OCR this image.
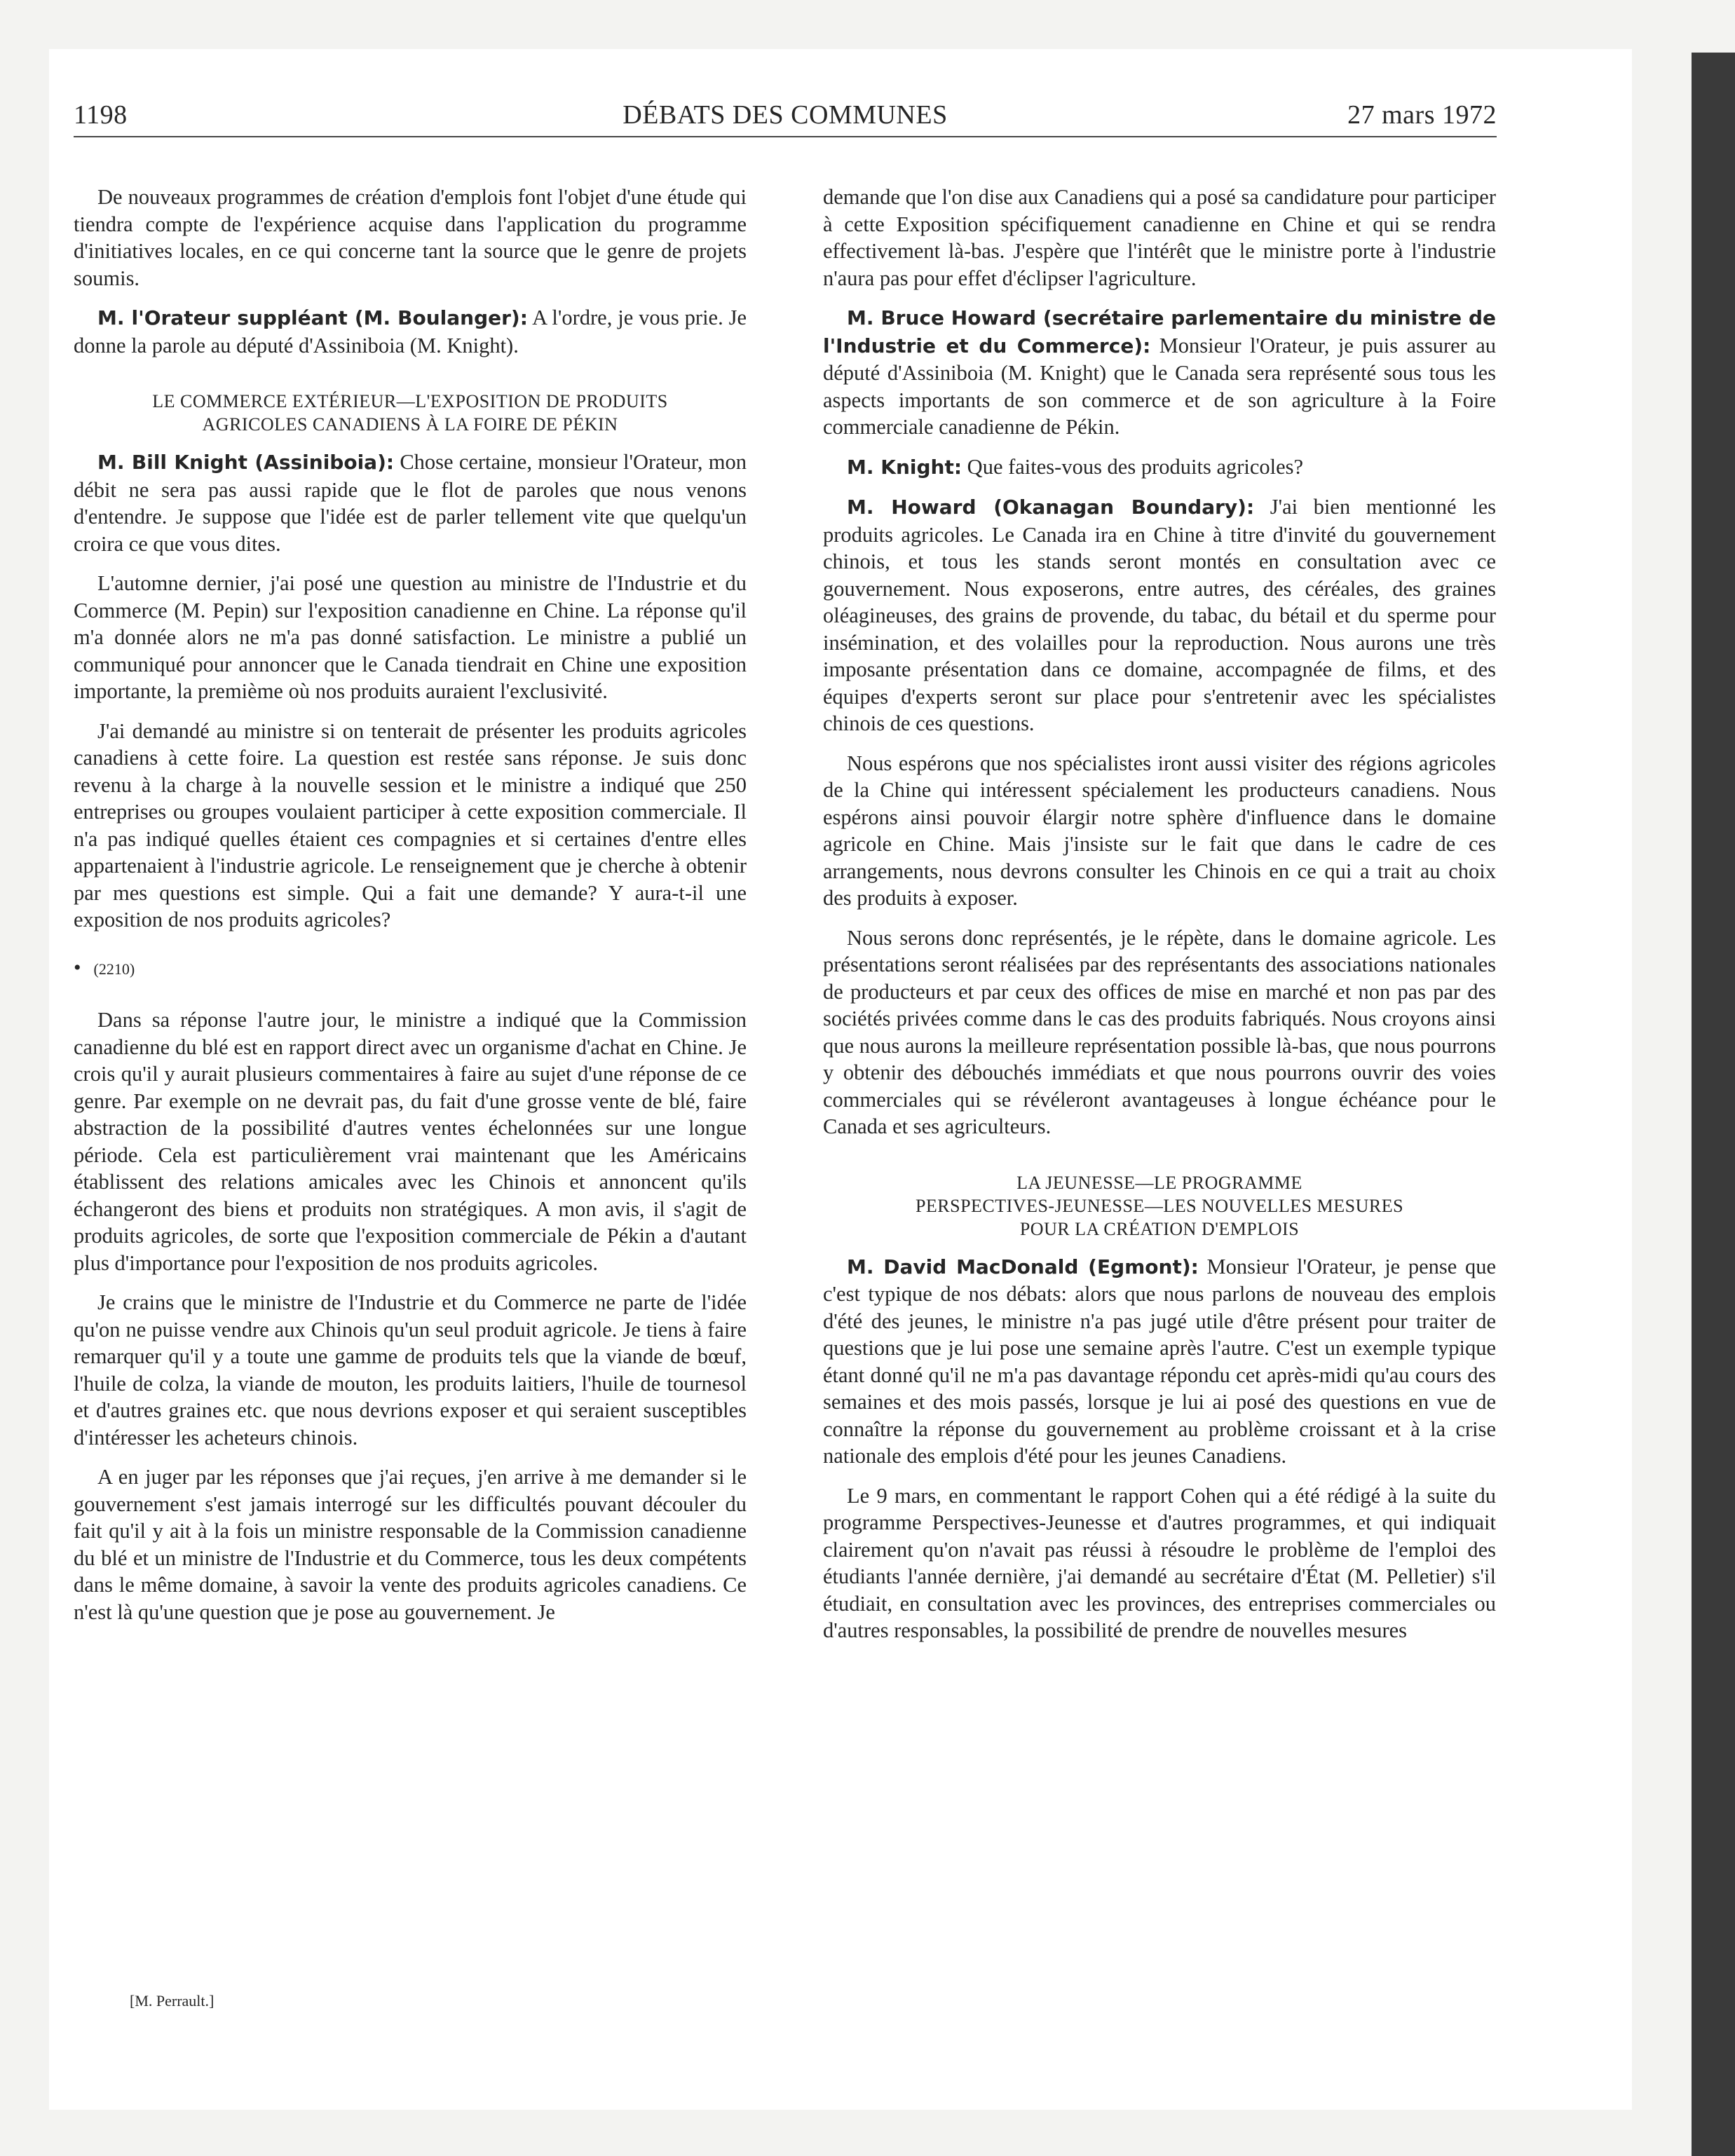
1198	DÉBATS DES COMMUNES	27 mars 1972

De nouveaux programmes de création d'emplois font l'objet d'une étude qui tiendra compte de l'expérience acquise dans l'application du programme d'initiatives locales, en ce qui concerne tant la source que le genre de projets soumis.

M. l'Orateur suppléant (M. Boulanger): A l'ordre, je vous prie. Je donne la parole au député d'Assiniboia (M. Knight).

LE COMMERCE EXTÉRIEUR—L'EXPOSITION DE PRODUITS
AGRICOLES CANADIENS À LA FOIRE DE PÉKIN

M. Bill Knight (Assiniboia): Chose certaine, monsieur l'Orateur, mon débit ne sera pas aussi rapide que le flot de paroles que nous venons d'entendre. Je suppose que l'idée est de parler tellement vite que quelqu'un croira ce que vous dites.

L'automne dernier, j'ai posé une question au ministre de l'Industrie et du Commerce (M. Pepin) sur l'exposition canadienne en Chine. La réponse qu'il m'a donnée alors ne m'a pas donné satisfaction. Le ministre a publié un communiqué pour annoncer que le Canada tiendrait en Chine une exposition importante, la premième où nos produits auraient l'exclusivité.

J'ai demandé au ministre si on tenterait de présenter les produits agricoles canadiens à cette foire. La question est restée sans réponse. Je suis donc revenu à la charge à la nouvelle session et le ministre a indiqué que 250 entreprises ou groupes voulaient participer à cette exposition commerciale. Il n'a pas indiqué quelles étaient ces compagnies et si certaines d'entre elles appartenaient à l'industrie agricole. Le renseignement que je cherche à obtenir par mes questions est simple. Qui a fait une demande? Y aura-t-il une exposition de nos produits agricoles?

• (2210)

Dans sa réponse l'autre jour, le ministre a indiqué que la Commission canadienne du blé est en rapport direct avec un organisme d'achat en Chine. Je crois qu'il y aurait plusieurs commentaires à faire au sujet d'une réponse de ce genre. Par exemple on ne devrait pas, du fait d'une grosse vente de blé, faire abstraction de la possibilité d'autres ventes échelonnées sur une longue période. Cela est particulièrement vrai maintenant que les Américains établissent des relations amicales avec les Chinois et annoncent qu'ils échangeront des biens et produits non stratégiques. A mon avis, il s'agit de produits agricoles, de sorte que l'exposition commerciale de Pékin a d'autant plus d'importance pour l'exposition de nos produits agricoles.

Je crains que le ministre de l'Industrie et du Commerce ne parte de l'idée qu'on ne puisse vendre aux Chinois qu'un seul produit agricole. Je tiens à faire remarquer qu'il y a toute une gamme de produits tels que la viande de bœuf, l'huile de colza, la viande de mouton, les produits laitiers, l'huile de tournesol et d'autres graines etc. que nous devrions exposer et qui seraient susceptibles d'intéresser les acheteurs chinois.

A en juger par les réponses que j'ai reçues, j'en arrive à me demander si le gouvernement s'est jamais interrogé sur les difficultés pouvant découler du fait qu'il y ait à la fois un ministre responsable de la Commission canadienne du blé et un ministre de l'Industrie et du Commerce, tous les deux compétents dans le même domaine, à savoir la vente des produits agricoles canadiens. Ce n'est là qu'une question que je pose au gouvernement. Je

demande que l'on dise aux Canadiens qui a posé sa candidature pour participer à cette Exposition spécifiquement canadienne en Chine et qui se rendra effectivement là-bas. J'espère que l'intérêt que le ministre porte à l'industrie n'aura pas pour effet d'éclipser l'agriculture.

M. Bruce Howard (secrétaire parlementaire du ministre de l'Industrie et du Commerce): Monsieur l'Orateur, je puis assurer au député d'Assiniboia (M. Knight) que le Canada sera représenté sous tous les aspects importants de son commerce et de son agriculture à la Foire commerciale canadienne de Pékin.

M. Knight: Que faites-vous des produits agricoles?

M. Howard (Okanagan Boundary): J'ai bien mentionné les produits agricoles. Le Canada ira en Chine à titre d'invité du gouvernement chinois, et tous les stands seront montés en consultation avec ce gouvernement. Nous exposerons, entre autres, des céréales, des graines oléagineuses, des grains de provende, du tabac, du bétail et du sperme pour insémination, et des volailles pour la reproduction. Nous aurons une très imposante présentation dans ce domaine, accompagnée de films, et des équipes d'experts seront sur place pour s'entretenir avec les spécialistes chinois de ces questions.

Nous espérons que nos spécialistes iront aussi visiter des régions agricoles de la Chine qui intéressent spécialement les producteurs canadiens. Nous espérons ainsi pouvoir élargir notre sphère d'influence dans le domaine agricole en Chine. Mais j'insiste sur le fait que dans le cadre de ces arrangements, nous devrons consulter les Chinois en ce qui a trait au choix des produits à exposer.

Nous serons donc représentés, je le répète, dans le domaine agricole. Les présentations seront réalisées par des représentants des associations nationales de producteurs et par ceux des offices de mise en marché et non pas par des sociétés privées comme dans le cas des produits fabriqués. Nous croyons ainsi que nous aurons la meilleure représentation possible là-bas, que nous pourrons y obtenir des débouchés immédiats et que nous pourrons ouvrir des voies commerciales qui se révéleront avantageuses à longue échéance pour le Canada et ses agriculteurs.

LA JEUNESSE—LE PROGRAMME
PERSPECTIVES-JEUNESSE—LES NOUVELLES MESURES
POUR LA CRÉATION D'EMPLOIS

M. David MacDonald (Egmont): Monsieur l'Orateur, je pense que c'est typique de nos débats: alors que nous parlons de nouveau des emplois d'été des jeunes, le ministre n'a pas jugé utile d'être présent pour traiter de questions que je lui pose une semaine après l'autre. C'est un exemple typique étant donné qu'il ne m'a pas davantage répondu cet après-midi qu'au cours des semaines et des mois passés, lorsque je lui ai posé des questions en vue de connaître la réponse du gouvernement au problème croissant et à la crise nationale des emplois d'été pour les jeunes Canadiens.

Le 9 mars, en commentant le rapport Cohen qui a été rédigé à la suite du programme Perspectives-Jeunesse et d'autres programmes, et qui indiquait clairement qu'on n'avait pas réussi à résoudre le problème de l'emploi des étudiants l'année dernière, j'ai demandé au secrétaire d'État (M. Pelletier) s'il étudiait, en consultation avec les provinces, des entreprises commerciales ou d'autres responsables, la possibilité de prendre de nouvelles mesures

[M. Perrault.]
